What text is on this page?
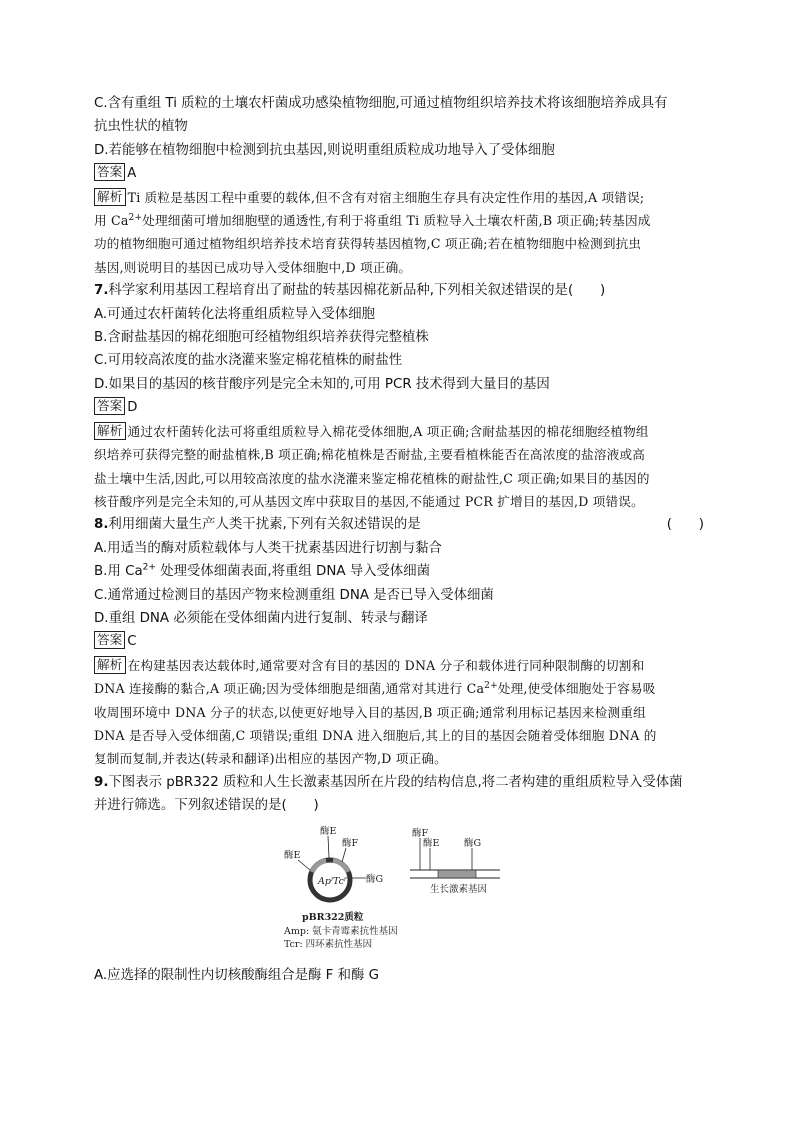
C.含有重组 Ti 质粒的土壤农杆菌成功感染植物细胞,可通过植物组织培养技术将该细胞培养成具有
抗虫性状的植物
D.若能够在植物细胞中检测到抗虫基因,则说明重组质粒成功地导入了受体细胞
答案 A
解析 Ti 质粒是基因工程中重要的载体,但不含有对宿主细胞生存具有决定性作用的基因,A 项错误;
用 $Ca^{2+}$处理细菌可增加细胞壁的通透性,有利于将重组 Ti 质粒导入土壤农杆菌,B 项正确;转基因成
功的植物细胞可通过植物组织培养技术培育获得转基因植物,C 项正确;若在植物细胞中检测到抗虫
基因,则说明目的基因已成功导入受体细胞中,D 项正确。
7.科学家利用基因工程培育出了耐盐的转基因棉花新品种,下列相关叙述错误的是(　　)
A.可通过农杆菌转化法将重组质粒导入受体细胞
B.含耐盐基因的棉花细胞可经植物组织培养获得完整植株
C.可用较高浓度的盐水浇灌来鉴定棉花植株的耐盐性
D.如果目的基因的核苷酸序列是完全未知的,可用 PCR 技术得到大量目的基因
答案 D
解析 通过农杆菌转化法可将重组质粒导入棉花受体细胞,A 项正确;含耐盐基因的棉花细胞经植物组
织培养可获得完整的耐盐植株,B 项正确;棉花植株是否耐盐,主要看植株能否在高浓度的盐溶液或高
盐土壤中生活,因此,可以用较高浓度的盐水浇灌来鉴定棉花植株的耐盐性,C 项正确;如果目的基因的
核苷酸序列是完全未知的,可从基因文库中获取目的基因,不能通过 PCR 扩增目的基因,D 项错误。
8.利用细菌大量生产人类干扰素,下列有关叙述错误的是	(　　)
A.用适当的酶对质粒载体与人类干扰素基因进行切割与黏合
B.用 $Ca^{2+}$ 处理受体细菌表面,将重组 DNA 导入受体细菌
C.通常通过检测目的基因产物来检测重组 DNA 是否已导入受体细菌
D.重组 DNA 必须能在受体细菌内进行复制、转录与翻译
答案 C
解析 在构建基因表达载体时,通常要对含有目的基因的 DNA 分子和载体进行同种限制酶的切割和
DNA 连接酶的黏合,A 项正确;因为受体细胞是细菌,通常对其进行 $Ca^{2+}$处理,使受体细胞处于容易吸
收周围环境中 DNA 分子的状态,以使更好地导入目的基因,B 项正确;通常利用标记基因来检测重组
DNA 是否导入受体细菌,C 项错误;重组 DNA 进入细胞后,其上的目的基因会随着受体细胞 DNA 的
复制而复制,并表达(转录和翻译)出相应的基因产物,D 项正确。
9.下图表示 pBR322 质粒和人生长激素基因所在片段的结构信息,将二者构建的重组质粒导入受体菌
并进行筛选。下列叙述错误的是(　　)
Ap$^r$ Tc$^r$
酶E
酶F
酶E
酶G
pBR322质粒
Amp: 氨卡青霉素抗性基因
Tcr: 四环素抗性基因
酶F
酶E	酶G
生长激素基因
A.应选择的限制性内切核酸酶组合是酶 F 和酶 G
